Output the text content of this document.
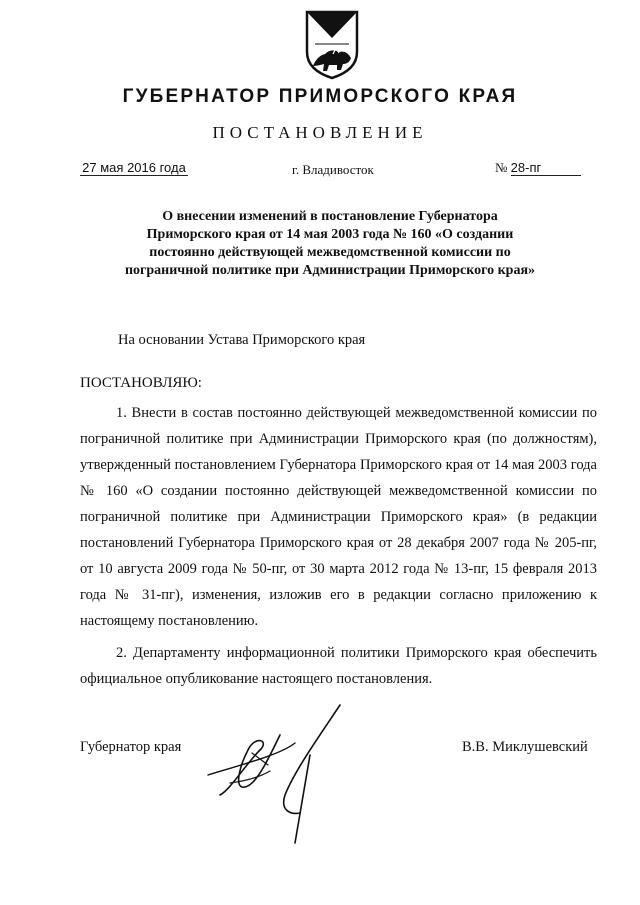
ГУБЕРНАТОР ПРИМОРСКОГО КРАЯ
ПОСТАНОВЛЕНИЕ
27 мая 2016 года	г. Владивосток	№ 28-пг
О внесении изменений в постановление Губернатора Приморского края от 14 мая 2003 года № 160 «О создании постоянно действующей межведомственной комиссии по пограничной политике при Администрации Приморского края»
На основании Устава Приморского края
ПОСТАНОВЛЯЮ:
1. Внести в состав постоянно действующей межведомственной комиссии по пограничной политике при Администрации Приморского края (по должностям), утвержденный постановлением Губернатора Приморского края от 14 мая 2003 года № 160 «О создании постоянно действующей межведомственной комиссии по пограничной политике при Администрации Приморского края» (в редакции постановлений Губернатора Приморского края от 28 декабря 2007 года № 205-пг, от 10 августа 2009 года № 50-пг, от 30 марта 2012 года № 13-пг, 15 февраля 2013 года № 31-пг), изменения, изложив его в редакции согласно приложению к настоящему постановлению.
2. Департаменту информационной политики Приморского края обеспечить официальное опубликование настоящего постановления.
Губернатор края	В.В. Миклушевский
